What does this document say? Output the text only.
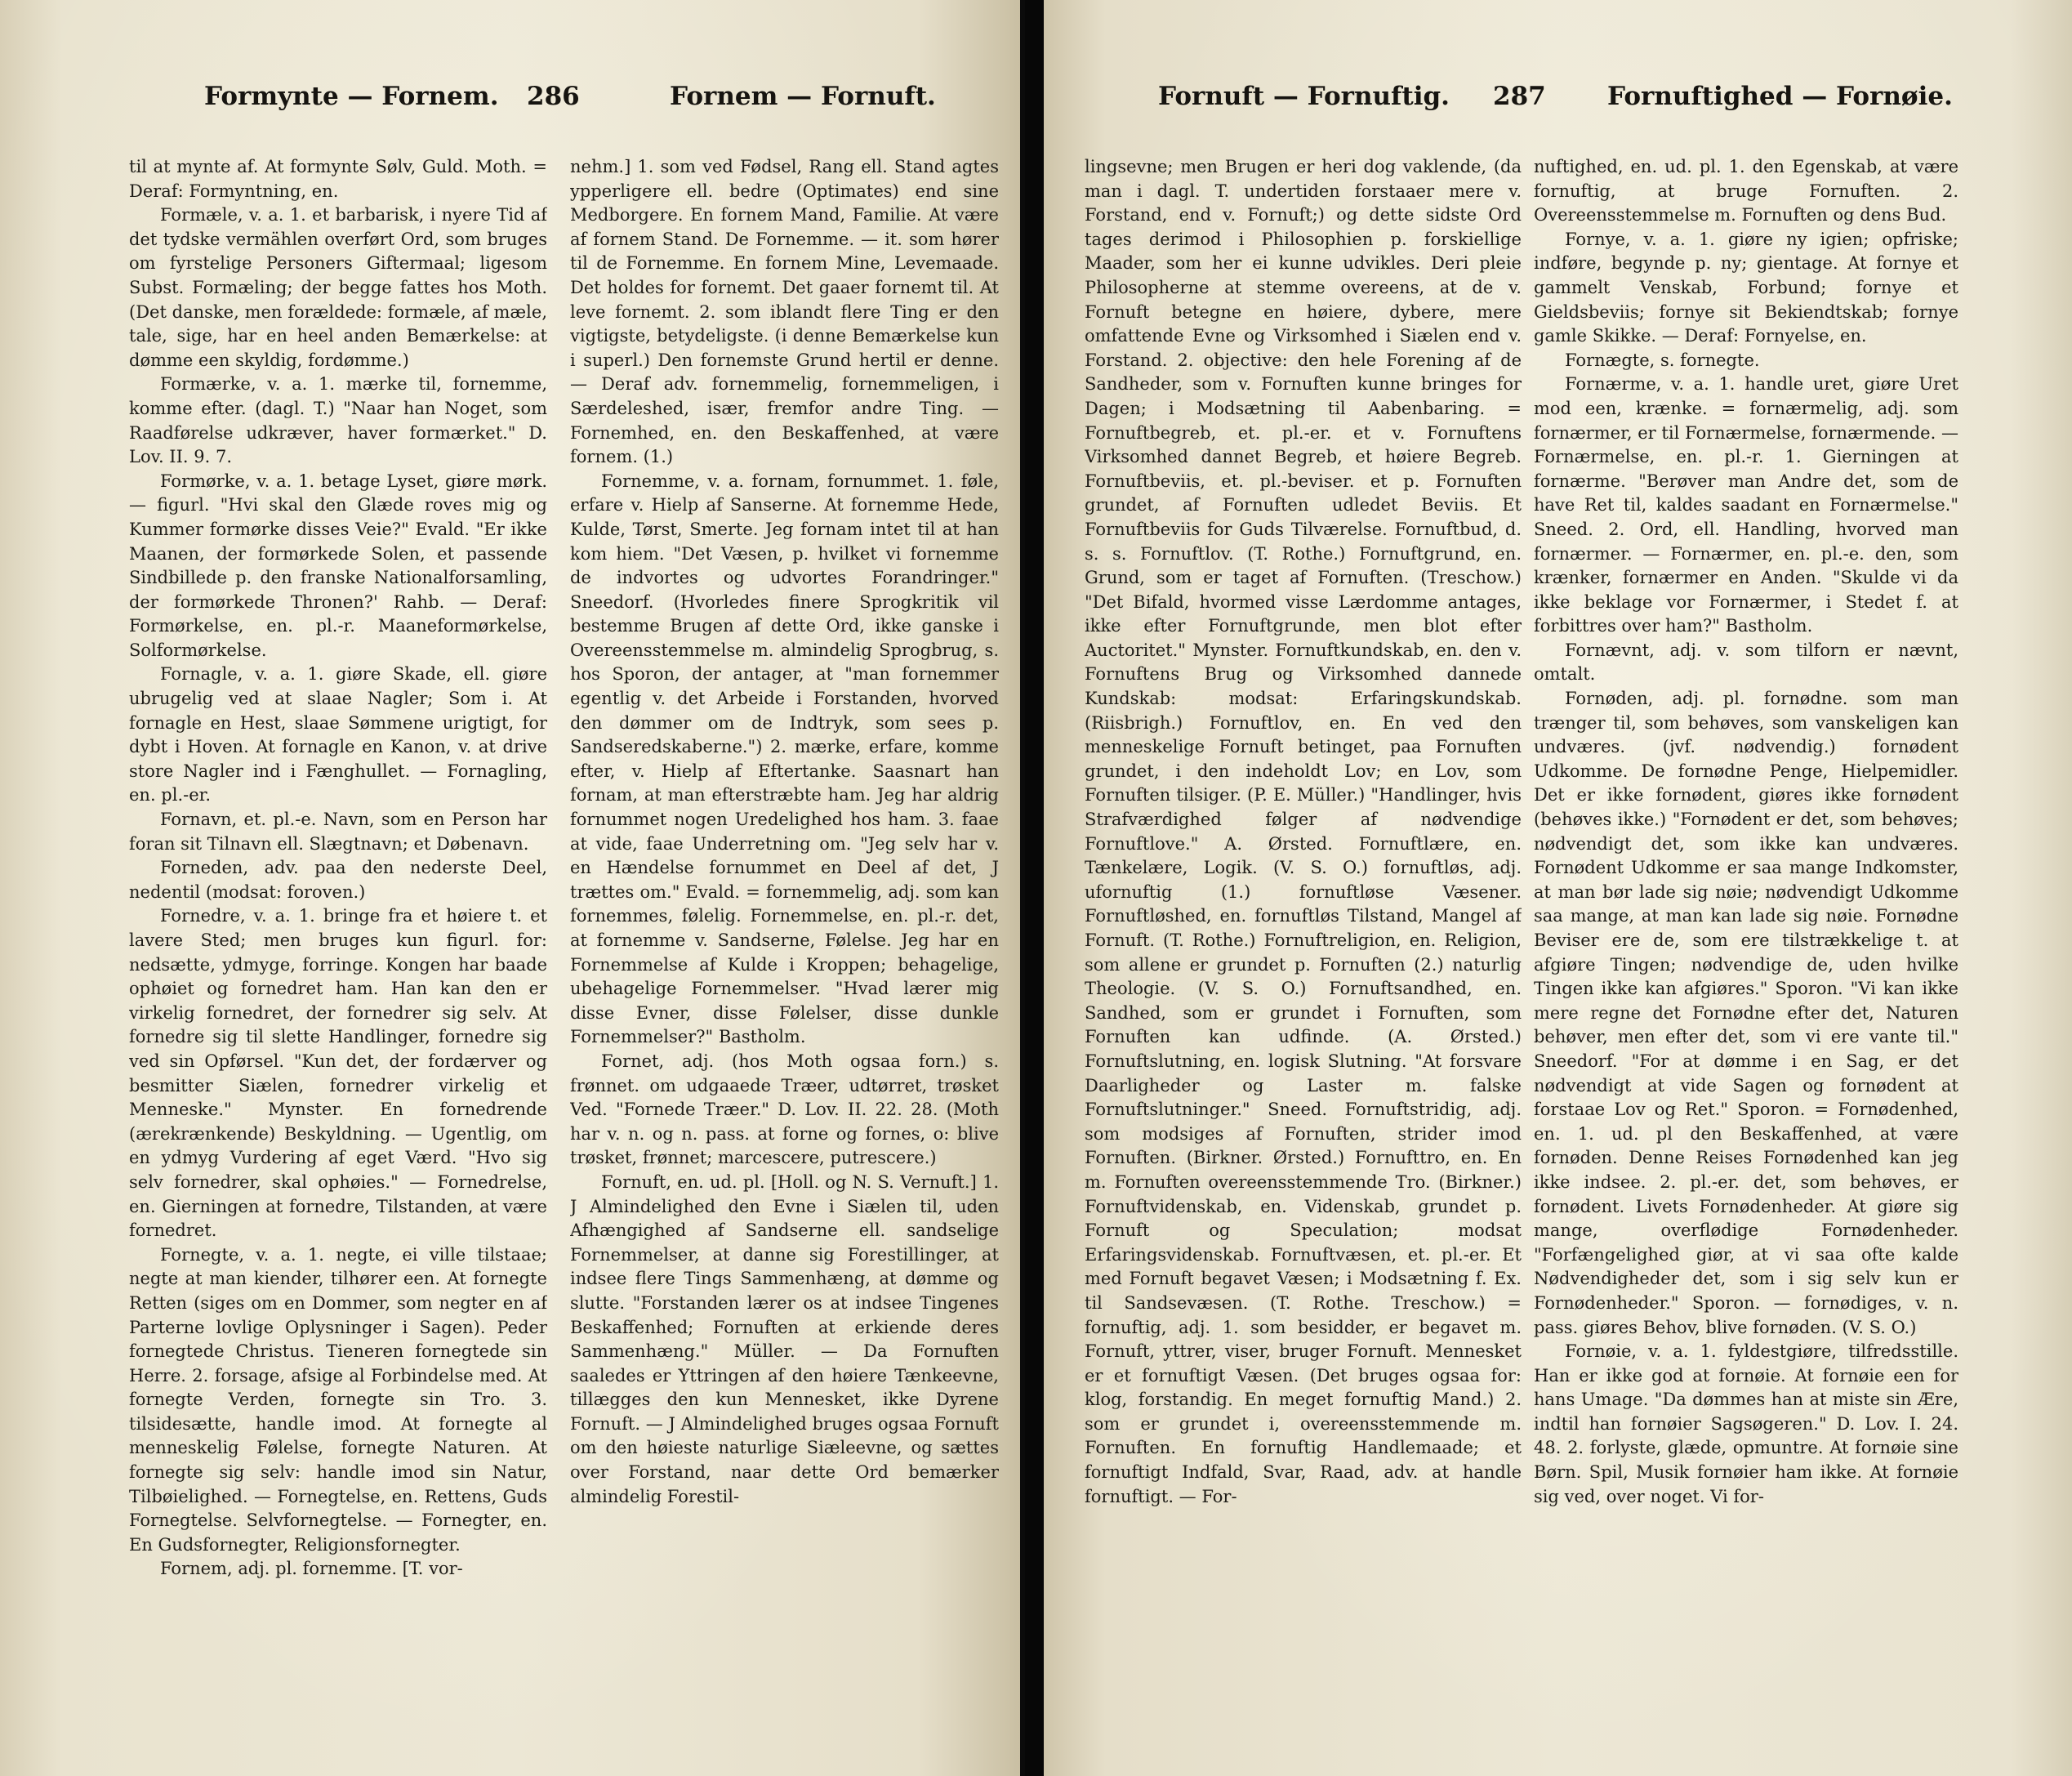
Formynte — Fornem. 286	Fornem — Fornuft.

til at mynte af. At formynte Sølv, Guld. Moth. = Deraf: Formyntning, en.

Formæle, v. a. 1. et barbarisk, i nyere Tid af det tydske vermählen overført Ord, som bruges om fyrstelige Personers Giftermaal; ligesom Subst. Formæling; der begge fattes hos Moth. (Det danske, men forældede: formæle, af mæle, tale, sige, har en heel anden Bemærkelse: at dømme een skyldig, fordømme.)

Formærke, v. a. 1. mærke til, fornemme, komme efter. (dagl. T.) "Naar han Noget, som Raadførelse udkræver, haver formærket." D. Lov. II. 9. 7.

Formørke, v. a. 1. betage Lyset, giøre mørk. — figurl. "Hvi skal den Glæde roves mig og Kummer formørke disses Veie?" Evald. "Er ikke Maanen, der formørkede Solen, et passende Sindbillede p. den franske Nationalforsamling, der formørkede Thronen?' Rahb. — Deraf: Formørkelse, en. pl.-r. Maaneformørkelse, Solformørkelse.

Fornagle, v. a. 1. giøre Skade, ell. giøre ubrugelig ved at slaae Nagler; Som i. At fornagle en Hest, slaae Sømmene urigtigt, for dybt i Hoven. At fornagle en Kanon, v. at drive store Nagler ind i Fænghullet. — Fornagling, en. pl.-er.

Fornavn, et. pl.-e. Navn, som en Person har foran sit Tilnavn ell. Slægtnavn; et Døbenavn.

Forneden, adv. paa den nederste Deel, nedentil (modsat: foroven.)

Fornedre, v. a. 1. bringe fra et høiere t. et lavere Sted; men bruges kun figurl. for: nedsætte, ydmyge, forringe. Kongen har baade ophøiet og fornedret ham. Han kan den er virkelig fornedret, der fornedrer sig selv. At fornedre sig til slette Handlinger, fornedre sig ved sin Opførsel. "Kun det, der fordærver og besmitter Siælen, fornedrer virkelig et Menneske." Mynster. En fornedrende (ærekrænkende) Beskyldning. — Ugentlig, om en ydmyg Vurdering af eget Værd. "Hvo sig selv fornedrer, skal ophøies." — Fornedrelse, en. Gierningen at fornedre, Tilstanden, at være fornedret.

Fornegte, v. a. 1. negte, ei ville tilstaae; negte at man kiender, tilhører een. At fornegte Retten (siges om en Dommer, som negter en af Parterne lovlige Oplysninger i Sagen). Peder fornegtede Christus. Tieneren fornegtede sin Herre. 2. forsage, afsige al Forbindelse med. At fornegte Verden, fornegte sin Tro. 3. tilsidesætte, handle imod. At fornegte al menneskelig Følelse, fornegte Naturen. At fornegte sig selv: handle imod sin Natur, Tilbøielighed. — Fornegtelse, en. Rettens, Guds Fornegtelse. Selvfornegtelse. — Fornegter, en. En Gudsfornegter, Religionsfornegter.

Fornem, adj. pl. fornemme. [T. vor-

nehm.] 1. som ved Fødsel, Rang ell. Stand agtes ypperligere ell. bedre (Optimates) end sine Medborgere. En fornem Mand, Familie. At være af fornem Stand. De Fornemme. — it. som hører til de Fornemme. En fornem Mine, Levemaade. Det holdes for fornemt. Det gaaer fornemt til. At leve fornemt. 2. som iblandt flere Ting er den vigtigste, betydeligste. (i denne Bemærkelse kun i superl.) Den fornemste Grund hertil er denne. — Deraf adv. fornemmelig, fornemmeligen, i Særdeleshed, især, fremfor andre Ting. — Fornemhed, en. den Beskaffenhed, at være fornem. (1.)

Fornemme, v. a. fornam, fornummet. 1. føle, erfare v. Hielp af Sanserne. At fornemme Hede, Kulde, Tørst, Smerte. Jeg fornam intet til at han kom hiem. "Det Væsen, p. hvilket vi fornemme de indvortes og udvortes Forandringer." Sneedorf. (Hvorledes finere Sprogkritik vil bestemme Brugen af dette Ord, ikke ganske i Overeensstemmelse m. almindelig Sprogbrug, s. hos Sporon, der antager, at "man fornemmer egentlig v. det Arbeide i Forstanden, hvorved den dømmer om de Indtryk, som sees p. Sandseredskaberne.") 2. mærke, erfare, komme efter, v. Hielp af Eftertanke. Saasnart han fornam, at man efterstræbte ham. Jeg har aldrig fornummet nogen Uredelighed hos ham. 3. faae at vide, faae Underretning om. "Jeg selv har v. en Hændelse fornummet en Deel af det, J trættes om." Evald. = fornemmelig, adj. som kan fornemmes, følelig. Fornemmelse, en. pl.-r. det, at fornemme v. Sandserne, Følelse. Jeg har en Fornemmelse af Kulde i Kroppen; behagelige, ubehagelige Fornemmelser. "Hvad lærer mig disse Evner, disse Følelser, disse dunkle Fornemmelser?" Bastholm.

Fornet, adj. (hos Moth ogsaa forn.) s. frønnet. om udgaaede Træer, udtørret, trøsket Ved. "Fornede Træer." D. Lov. II. 22. 28. (Moth har v. n. og n. pass. at forne og fornes, o: blive trøsket, frønnet; marcescere, putrescere.)

Fornuft, en. ud. pl. [Holl. og N. S. Vernuft.] 1. J Almindelighed den Evne i Siælen til, uden Afhængighed af Sandserne ell. sandselige Fornemmelser, at danne sig Forestillinger, at indsee flere Tings Sammenhæng, at dømme og slutte. "Forstanden lærer os at indsee Tingenes Beskaffenhed; Fornuften at erkiende deres Sammenhæng." Müller. — Da Fornuften saaledes er Yttringen af den høiere Tænkeevne, tillægges den kun Mennesket, ikke Dyrene Fornuft. — J Almindelighed bruges ogsaa Fornuft om den høieste naturlige Siæleevne, og sættes over Forstand, naar dette Ord bemærker almindelig Forestil-

Fornuft — Fornuftig. 287 Fornuftighed — Fornøie.

lingsevne; men Brugen er heri dog vaklende, (da man i dagl. T. undertiden forstaaer mere v. Forstand, end v. Fornuft;) og dette sidste Ord tages derimod i Philosophien p. forskiellige Maader, som her ei kunne udvikles. Deri pleie Philosopherne at stemme overeens, at de v. Fornuft betegne en høiere, dybere, mere omfattende Evne og Virksomhed i Siælen end v. Forstand. 2. objective: den hele Forening af de Sandheder, som v. Fornuften kunne bringes for Dagen; i Modsætning til Aabenbaring. = Fornuftbegreb, et. pl.-er. et v. Fornuftens Virksomhed dannet Begreb, et høiere Begreb. Fornuftbeviis, et. pl.-beviser. et p. Fornuften grundet, af Fornuften udledet Beviis. Et Fornuftbeviis for Guds Tilværelse. Fornuftbud, d. s. s. Fornuftlov. (T. Rothe.) Fornuftgrund, en. Grund, som er taget af Fornuften. (Treschow.) "Det Bifald, hvormed visse Lærdomme antages, ikke efter Fornuftgrunde, men blot efter Auctoritet." Mynster. Fornuftkundskab, en. den v. Fornuftens Brug og Virksomhed dannede Kundskab: modsat: Erfaringskundskab. (Riisbrigh.) Fornuftlov, en. En ved den menneskelige Fornuft betinget, paa Fornuften grundet, i den indeholdt Lov; en Lov, som Fornuften tilsiger. (P. E. Müller.) "Handlinger, hvis Strafværdighed følger af nødvendige Fornuftlove." A. Ørsted. Fornuftlære, en. Tænkelære, Logik. (V. S. O.) fornuftløs, adj. ufornuftig (1.) fornuftløse Væsener. Fornuftløshed, en. fornuftløs Tilstand, Mangel af Fornuft. (T. Rothe.) Fornuftreligion, en. Religion, som allene er grundet p. Fornuften (2.) naturlig Theologie. (V. S. O.) Fornuftsandhed, en. Sandhed, som er grundet i Fornuften, som Fornuften kan udfinde. (A. Ørsted.) Fornuftslutning, en. logisk Slutning. "At forsvare Daarligheder og Laster m. falske Fornuftslutninger." Sneed. Fornuftstridig, adj. som modsiges af Fornuften, strider imod Fornuften. (Birkner. Ørsted.) Fornufttro, en. En m. Fornuften overeensstemmende Tro. (Birkner.) Fornuftvidenskab, en. Videnskab, grundet p. Fornuft og Speculation; modsat Erfaringsvidenskab. Fornuftvæsen, et. pl.-er. Et med Fornuft begavet Væsen; i Modsætning f. Ex. til Sandsevæsen. (T. Rothe. Treschow.) = fornuftig, adj. 1. som besidder, er begavet m. Fornuft, yttrer, viser, bruger Fornuft. Mennesket er et fornuftigt Væsen. (Det bruges ogsaa for: klog, forstandig. En meget fornuftig Mand.) 2. som er grundet i, overeensstemmende m. Fornuften. En fornuftig Handlemaade; et fornuftigt Indfald, Svar, Raad, adv. at handle fornuftigt. — For-

nuftighed, en. ud. pl. 1. den Egenskab, at være fornuftig, at bruge Fornuften. 2. Overeensstemmelse m. Fornuften og dens Bud.

Fornye, v. a. 1. giøre ny igien; opfriske; indføre, begynde p. ny; gientage. At fornye et gammelt Venskab, Forbund; fornye et Gieldsbeviis; fornye sit Bekiendtskab; fornye gamle Skikke. — Deraf: Fornyelse, en.

Fornægte, s. fornegte.

Fornærme, v. a. 1. handle uret, giøre Uret mod een, krænke. = fornærmelig, adj. som fornærmer, er til Fornærmelse, fornærmende. — Fornærmelse, en. pl.-r. 1. Gierningen at fornærme. "Berøver man Andre det, som de have Ret til, kaldes saadant en Fornærmelse." Sneed. 2. Ord, ell. Handling, hvorved man fornærmer. — Fornærmer, en. pl.-e. den, som krænker, fornærmer en Anden. "Skulde vi da ikke beklage vor Fornærmer, i Stedet f. at forbittres over ham?" Bastholm.

Fornævnt, adj. v. som tilforn er nævnt, omtalt.

Fornøden, adj. pl. fornødne. som man trænger til, som behøves, som vanskeligen kan undværes. (jvf. nødvendig.) fornødent Udkomme. De fornødne Penge, Hielpemidler. Det er ikke fornødent, giøres ikke fornødent (behøves ikke.) "Fornødent er det, som behøves; nødvendigt det, som ikke kan undværes. Fornødent Udkomme er saa mange Indkomster, at man bør lade sig nøie; nødvendigt Udkomme saa mange, at man kan lade sig nøie. Fornødne Beviser ere de, som ere tilstrækkelige t. at afgiøre Tingen; nødvendige de, uden hvilke Tingen ikke kan afgiøres." Sporon. "Vi kan ikke mere regne det Fornødne efter det, Naturen behøver, men efter det, som vi ere vante til." Sneedorf. "For at dømme i en Sag, er det nødvendigt at vide Sagen og fornødent at forstaae Lov og Ret." Sporon. = Fornødenhed, en. 1. ud. pl den Beskaffenhed, at være fornøden. Denne Reises Fornødenhed kan jeg ikke indsee. 2. pl.-er. det, som behøves, er fornødent. Livets Fornødenheder. At giøre sig mange, overflødige Fornødenheder. "Forfængelighed giør, at vi saa ofte kalde Nødvendigheder det, som i sig selv kun er Fornødenheder." Sporon. — fornødiges, v. n. pass. giøres Behov, blive fornøden. (V. S. O.)

Fornøie, v. a. 1. fyldestgiøre, tilfredsstille. Han er ikke god at fornøie. At fornøie een for hans Umage. "Da dømmes han at miste sin Ære, indtil han fornøier Sagsøgeren." D. Lov. I. 24. 48. 2. forlyste, glæde, opmuntre. At fornøie sine Børn. Spil, Musik fornøier ham ikke. At fornøie sig ved, over noget. Vi for-
